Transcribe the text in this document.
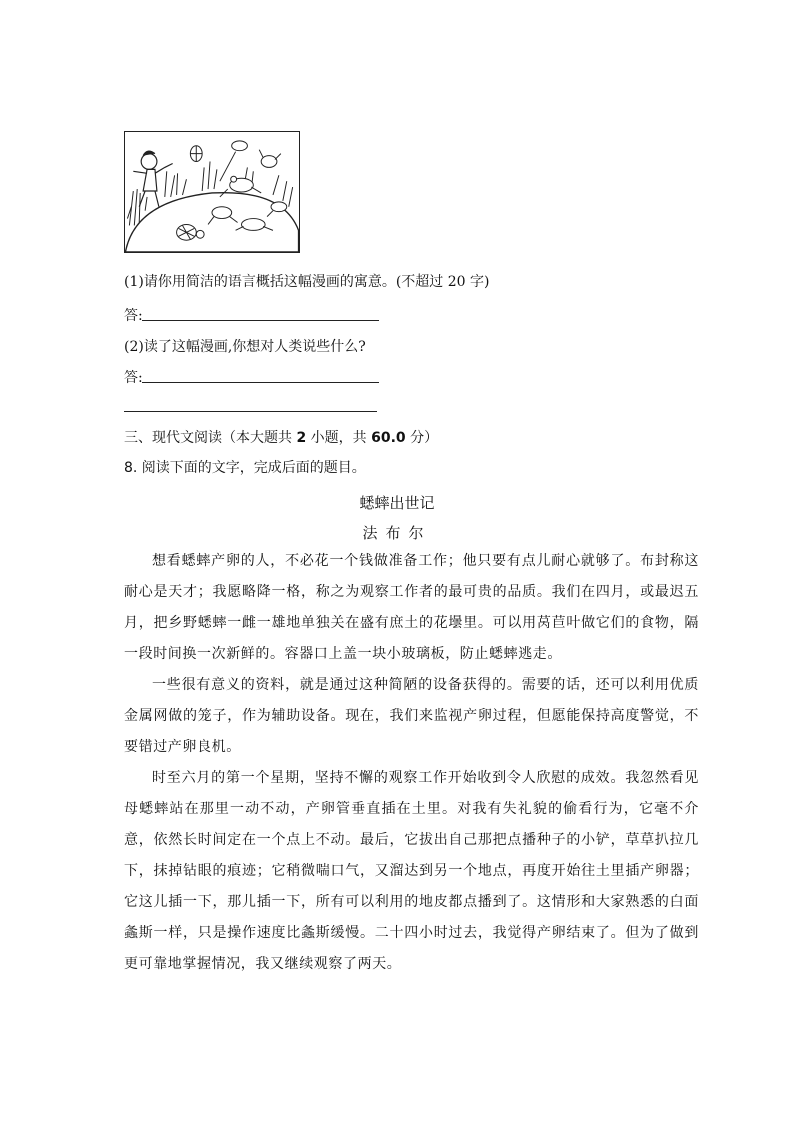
(1)请你用简洁的语言概括这幅漫画的寓意。(不超过 20 字)
答:
(2)读了这幅漫画,你想对人类说些什么?
答:
三、现代文阅读（本大题共 2 小题，共 60.0 分）
8. 阅读下面的文字，完成后面的题目。
蟋蟀出世记
法布尔

想看蟋蟀产卵的人，不必花一个钱做准备工作；他只要有点儿耐心就够了。布封称这耐心是天才；我愿略降一格，称之为观察工作者的最可贵的品质。我们在四月，或最迟五月，把乡野蟋蟀一雌一雄地单独关在盛有庶土的花壜里。可以用莴苣叶做它们的食物，隔一段时间换一次新鲜的。容器口上盖一块小玻璃板，防止蟋蟀逃走。

一些很有意义的资料，就是通过这种简陋的设备获得的。需要的话，还可以利用优质金属网做的笼子，作为辅助设备。现在，我们来监视产卵过程，但愿能保持高度警觉，不要错过产卵良机。

时至六月的第一个星期，坚持不懈的观察工作开始收到令人欣慰的成效。我忽然看见母蟋蟀站在那里一动不动，产卵管垂直插在土里。对我有失礼貌的偷看行为，它毫不介意，依然长时间定在一个点上不动。最后，它拔出自己那把点播种子的小铲，草草扒拉几下，抹掉钻眼的痕迹；它稍微喘口气，又溜达到另一个地点，再度开始往土里插产卵器；它这儿插一下，那儿插一下，所有可以利用的地皮都点播到了。这情形和大家熟悉的白面螽斯一样，只是操作速度比螽斯缓慢。二十四小时过去，我觉得产卵结束了。但为了做到更可靠地掌握情况，我又继续观察了两天。
